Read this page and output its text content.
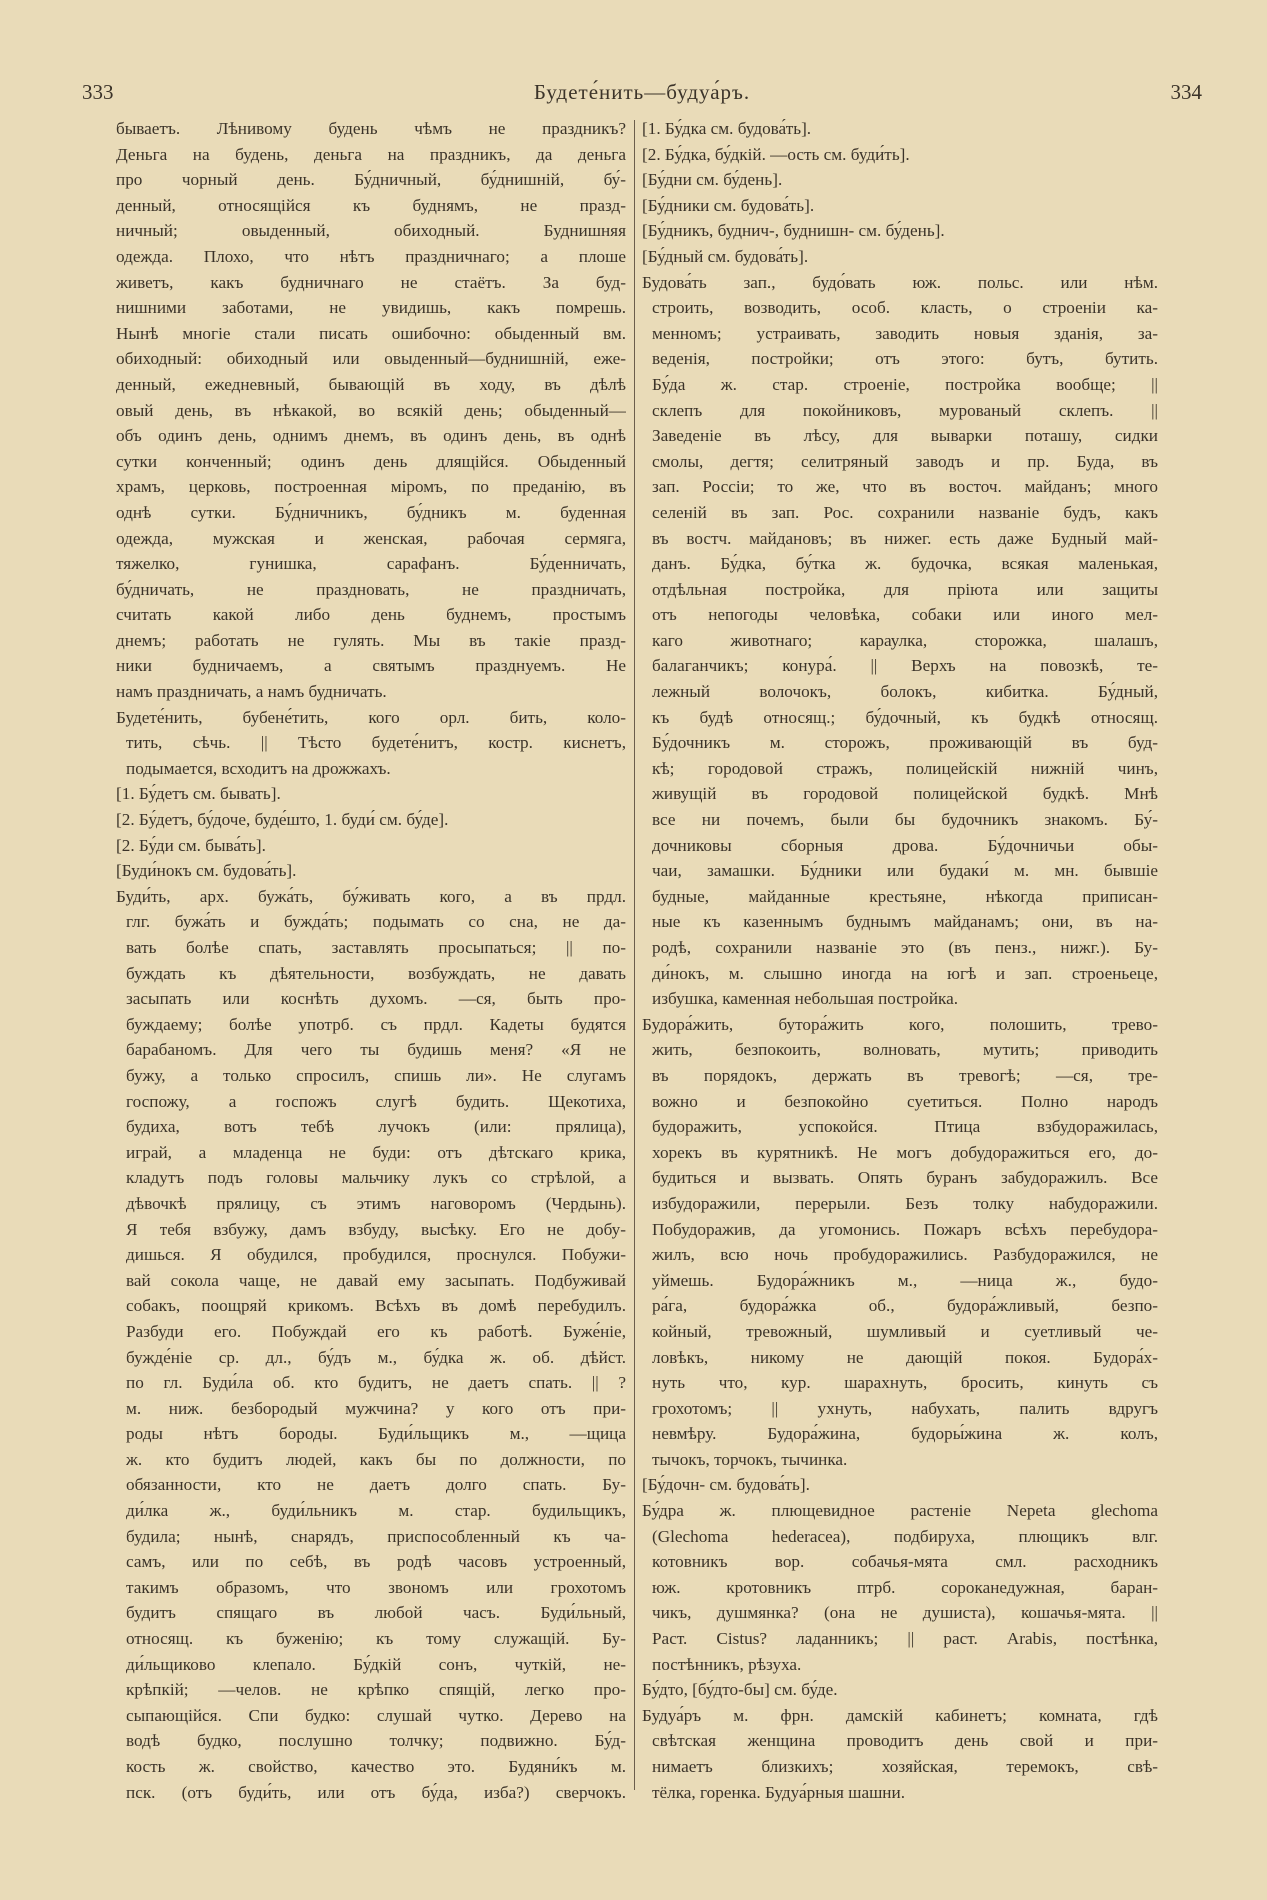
333	Будете́нить—будуа́ръ.	334
бываетъ. Лѣнивому будень чѣмъ не праздникъ?
Деньга на будень, деньга на праздникъ, да деньга
про чорный день. Бу́дничный, бу́днишній, бу́-
денный, относящійся къ буднямъ, не празд-
ничный; овыденный, обиходный. Буднишняя
одежда. Плохо, что нѣтъ праздничнаго; а плоше
живетъ, какъ будничнаго не стаётъ. За буд-
нишними заботами, не увидишь, какъ помрешь.
Нынѣ многіе стали писать ошибочно: обыденный вм.
обиходный: обиходный или овыденный—буднишній, еже-
денный, ежедневный, бывающій въ ходу, въ дѣлѣ
овый день, въ нѣкакой, во всякій день; обыденный—
объ одинъ день, однимъ днемъ, въ одинъ день, въ однѣ
сутки конченный; одинъ день длящійся. Обыденный
храмъ, церковь, построенная міромъ, по преданію, въ
однѣ сутки. Бу́дничникъ, бу́дникъ м. буденная
одежда, мужская и женская, рабочая сермяга,
тяжелко, гунишка, сарафанъ. Бу́денничать,
бу́дничать, не праздновать, не праздничать,
считать какой либо день буднемъ, простымъ
днемъ; работать не гулять. Мы въ такіе празд-
ники будничаемъ, а святымъ празднуемъ. Не
намъ праздничать, а намъ будничать.
Будете́нить, бубене́тить, кого орл. бить, коло-
тить, сѣчь. || Тѣсто будете́нитъ, костр. киснетъ,
подымается, всходитъ на дрожжахъ.
[1. Бу́детъ см. бывать].
[2. Бу́детъ, бу́доче, буде́што, 1. буди́ см. бу́де].
[2. Бу́ди см. быва́ть].
[Буди́нокъ см. будова́ть].
Буди́ть, арх. бужа́ть, бу́живать кого, а въ прдл.
глг. бужа́ть и бужда́ть; подымать со сна, не да-
вать болѣе спать, заставлять просыпаться; || по-
буждать къ дѣятельности, возбуждать, не давать
засыпать или коснѣть духомъ. —ся, быть про-
буждаему; болѣе употрб. съ прдл. Кадеты будятся
барабаномъ. Для чего ты будишь меня? «Я не
бужу, а только спросилъ, спишь ли». Не слугамъ
госпожу, а госпожъ слугѣ будить. Щекотиха,
будиха, вотъ тебѣ лучокъ (или: прялица),
играй, а младенца не буди: отъ дѣтскаго крика,
кладутъ подъ головы мальчику лукъ со стрѣлой, а
дѣвочкѣ прялицу, съ этимъ наговоромъ (Чердынь).
Я тебя взбужу, дамъ взбуду, высѣку. Его не добу-
дишься. Я обудился, пробудился, проснулся. Побужи-
вай сокола чаще, не давай ему засыпать. Подбуживай
собакъ, поощряй крикомъ. Всѣхъ въ домѣ перебудилъ.
Разбуди его. Побуждай его къ работѣ. Буже́ніе,
бужде́ніе ср. дл., бу́дъ м., бу́дка ж. об. дѣйст.
по гл. Буди́ла об. кто будитъ, не даетъ спать. || ?
м. ниж. безбородый мужчина? у кого отъ при-
роды нѣтъ бороды. Буди́льщикъ м., —щица
ж. кто будитъ людей, какъ бы по должности, по
обязанности, кто не даетъ долго спать. Бу-
ди́лка ж., буди́льникъ м. стар. будильщикъ,
будила; нынѣ, снарядъ, приспособленный къ ча-
самъ, или по себѣ, въ родѣ часовъ устроенный,
такимъ образомъ, что звономъ или грохотомъ
будитъ спящаго въ любой часъ. Буди́льный,
относящ. къ буженію; къ тому служащій. Бу-
ди́льщиково клепало. Бу́дкій сонъ, чуткій, не-
крѣпкій; —челов. не крѣпко спящій, легко про-
сыпающійся. Спи будко: слушай чутко. Дерево на
водѣ будко, послушно толчку; подвижно. Бу́д-
кость ж. свойство, качество это. Будяни́къ м.
пск. (отъ буди́ть, или отъ бу́да, изба?) сверчокъ.
[1. Бу́дка см. будова́ть].
[2. Бу́дка, бу́дкій. —ость см. буди́ть].
[Бу́дни см. бу́день].
[Бу́дники см. будова́ть].
[Бу́дникъ, буднич-, буднишн- см. бу́день].
[Бу́дный см. будова́ть].
Будова́ть зап., будо́вать юж. польс. или нѣм.
строить, возводить, особ. класть, о строеніи ка-
менномъ; устраивать, заводить новыя зданія, за-
веденія, постройки; отъ этого: бутъ, бутить.
Бу́да ж. стар. строеніе, постройка вообще; ||
склепъ для покойниковъ, мурованый склепъ. ||
Заведеніе въ лѣсу, для выварки поташу, сидки
смолы, дегтя; селитряный заводъ и пр. Буда, въ
зап. Россіи; то же, что въ восточ. майданъ; много
селеній въ зап. Рос. сохранили названіе будъ, какъ
въ востч. майдановъ; въ нижег. есть даже Будный май-
данъ. Бу́дка, бу́тка ж. будочка, всякая маленькая,
отдѣльная постройка, для пріюта или защиты
отъ непогоды человѣка, собаки или иного мел-
каго животнаго; караулка, сторожка, шалашъ,
балаганчикъ; конура́. || Верхъ на повозкѣ, те-
лежный волочокъ, болокъ, кибитка. Бу́дный,
къ будѣ относящ.; бу́дочный, къ будкѣ относящ.
Бу́дочникъ м. сторожъ, проживающій въ буд-
кѣ; городовой стражъ, полицейскій нижній чинъ,
живущій въ городовой полицейской будкѣ. Мнѣ
все ни почемъ, были бы будочникъ знакомъ. Бу́-
дочниковы сборныя дрова. Бу́дочничьи обы-
чаи, замашки. Бу́дники или будаки́ м. мн. бывшіе
будные, майданные крестьяне, нѣкогда приписан-
ные къ казеннымъ буднымъ майданамъ; они, въ на-
родѣ, сохранили названіе это (въ пенз., нижг.). Бу-
ди́нокъ, м. слышно иногда на югѣ и зап. строеньеце,
избушка, каменная небольшая постройка.
Будора́жить, бутора́жить кого, полошить, трево-
жить, безпокоить, волновать, мутить; приводить
въ порядокъ, держать въ тревогѣ; —ся, тре-
вожно и безпокойно суетиться. Полно народъ
будоражить, успокойся. Птица взбудоражилась,
хорекъ въ курятникѣ. Не могъ добудоражиться его, до-
будиться и вызвать. Опять буранъ забудоражилъ. Все
избудоражили, перерыли. Безъ толку набудоражили.
Побудоражив, да угомонись. Пожаръ всѣхъ перебудора-
жилъ, всю ночь пробудоражились. Разбудоражился, не
уймешь. Будора́жникъ м., —ница ж., будо-
ра́га, будора́жка об., будора́жливый, безпо-
койный, тревожный, шумливый и суетливый че-
ловѣкъ, никому не дающій покоя. Будора́х-
нуть что, кур. шарахнуть, бросить, кинуть съ
грохотомъ; || ухнуть, набухать, палить вдругъ
невмѣру. Будора́жина, будоры́жина ж. колъ,
тычокъ, торчокъ, тычинка.
[Бу́дочн- см. будова́ть].
Бу́дра ж. плющевидное растеніе Nepeta glechoma
(Glechoma hederacea), подбируха, плющикъ влг.
котовникъ вор. собачья-мята смл. расходникъ
юж. кротовникъ птрб. сороканедужная, баран-
чикъ, душмянка? (она не душиста), кошачья-мята. ||
Раст. Cistus? ладанникъ; || раст. Arabis, постѣнка,
постѣнникъ, рѣзуха.
Бу́дто, [бу́дто-бы] см. бу́де.
Будуа́ръ м. фрн. дамскій кабинетъ; комната, гдѣ
свѣтская женщина проводитъ день свой и при-
нимаетъ близкихъ; хозяйская, теремокъ, свѣ-
тёлка, горенка. Будуа́рныя шашни.
